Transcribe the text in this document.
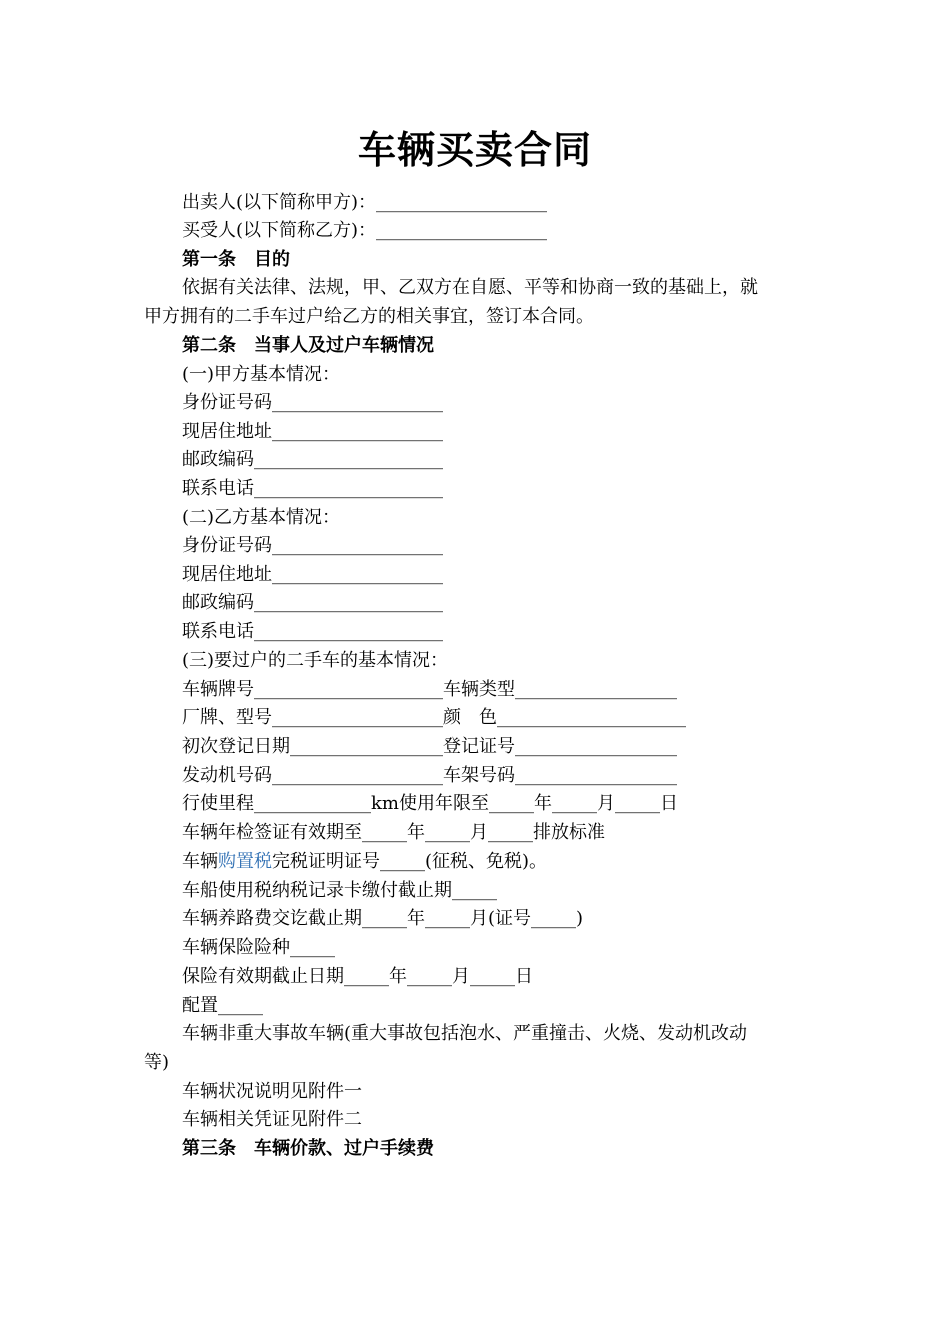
车辆买卖合同
出卖人(以下简称甲方)：___________________
买受人(以下简称乙方)：___________________
第一条　目的
依据有关法律、法规，甲、乙双方在自愿、平等和协商一致的基础上，就
甲方拥有的二手车过户给乙方的相关事宜，签订本合同。
第二条　当事人及过户车辆情况
(一)甲方基本情况：
身份证号码___________________
现居住地址___________________
邮政编码_____________________
联系电话_____________________
(二)乙方基本情况：
身份证号码___________________
现居住地址___________________
邮政编码_____________________
联系电话_____________________
(三)要过户的二手车的基本情况：
车辆牌号_____________________车辆类型__________________
厂牌、型号___________________颜　色_____________________
初次登记日期_________________登记证号__________________
发动机号码___________________车架号码__________________
行使里程_____________km使用年限至_____年_____月_____日
车辆年检签证有效期至_____年_____月_____排放标准
车辆购置税完税证明证号_____(征税、免税)。
车船使用税纳税记录卡缴付截止期_____
车辆养路费交讫截止期_____年_____月(证号_____)
车辆保险险种_____
保险有效期截止日期_____年_____月_____日
配置_____
车辆非重大事故车辆(重大事故包括泡水、严重撞击、火烧、发动机改动
等)
车辆状况说明见附件一
车辆相关凭证见附件二
第三条　车辆价款、过户手续费
